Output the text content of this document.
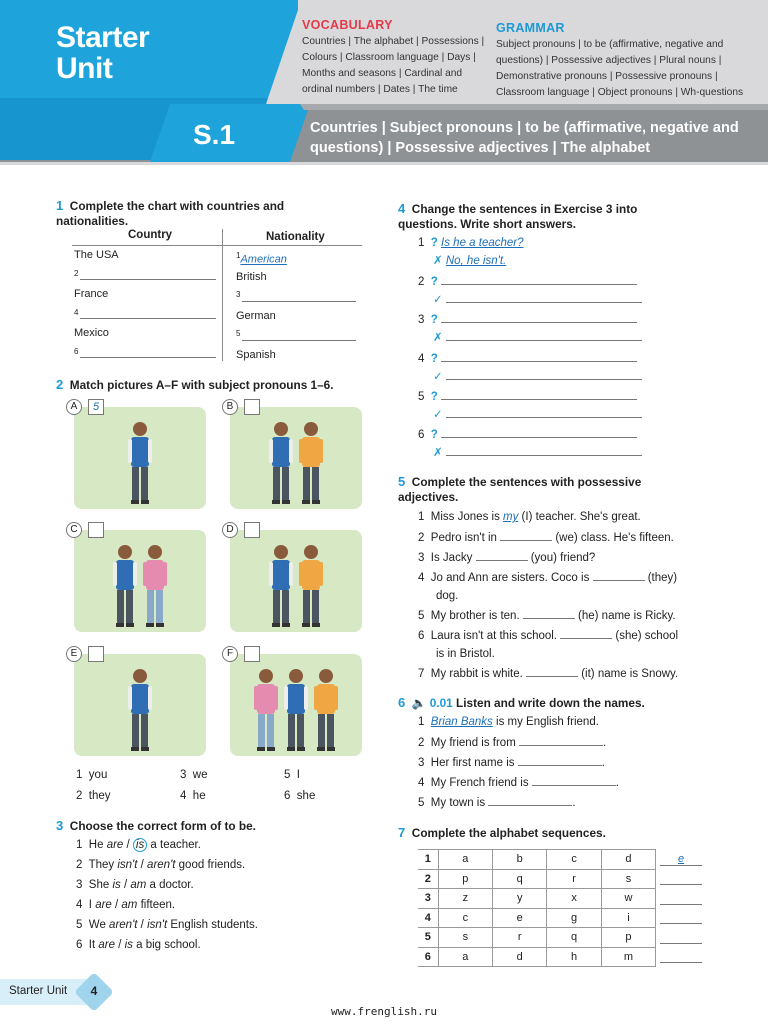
Starter
Unit
S.1
VOCABULARY
Countries | The alphabet | Possessions | Colours | Classroom language | Days | Months and seasons | Cardinal and ordinal numbers | Dates | The time
GRAMMAR
Subject pronouns | to be (affirmative, negative and questions) | Possessive adjectives | Plural nouns | Demonstrative pronouns | Possessive pronouns | Classroom language | Object pronouns | Wh-questions
Countries | Subject pronouns | to be (affirmative, negative and questions) | Possessive adjectives | The alphabet
1 Complete the chart with countries and nationalities.
Country	Nationality
The USA	$^1$American
$^2$	British
France	$^3$
$^4$	German
Mexico	$^5$
$^6$	Spanish
2 Match pictures A–F with subject pronouns 1–6.
A	5	B
C	D
E	F
1 you
2 they
3 we
4 he
5 I
6 she
3 Choose the correct form of to be.
1 He are / is a teacher.
2 They isn't / aren't good friends.
3 She is / am a doctor.
4 I are / am fifteen.
5 We aren't / isn't English students.
6 It are / is a big school.
4 Change the sentences in Exercise 3 into questions. Write short answers.
1 ? Is he a teacher?
✗ No, he isn't.
2 ?
✓
3 ?
✗
4 ?
✓
5 ?
✓
6 ?
✗
5 Complete the sentences with possessive adjectives.
1 Miss Jones is my (I) teacher. She's great.
2 Pedro isn't in	(we) class. He's fifteen.
3 Is Jacky	(you) friend?
4 Jo and Ann are sisters. Coco is	(they)
dog.
5 My brother is ten.	(he) name is Ricky.
6 Laura isn't at this school.	(she) school
is in Bristol.
7 My rabbit is white.	(it) name is Snowy.
6 🔈 0.01 Listen and write down the names.
1 Brian Banks is my English friend.
2 My friend is from	.
3 Her first name is	.
4 My French friend is	.
5 My town is	.
7 Complete the alphabet sequences.
1	a	b	c	d	e

2	p	q	r	s	

3	z	y	x	w	

4	c	e	g	i	

5	s	r	q	p	

6	a	d	h	m	
Starter Unit	4
www.frenglish.ru
